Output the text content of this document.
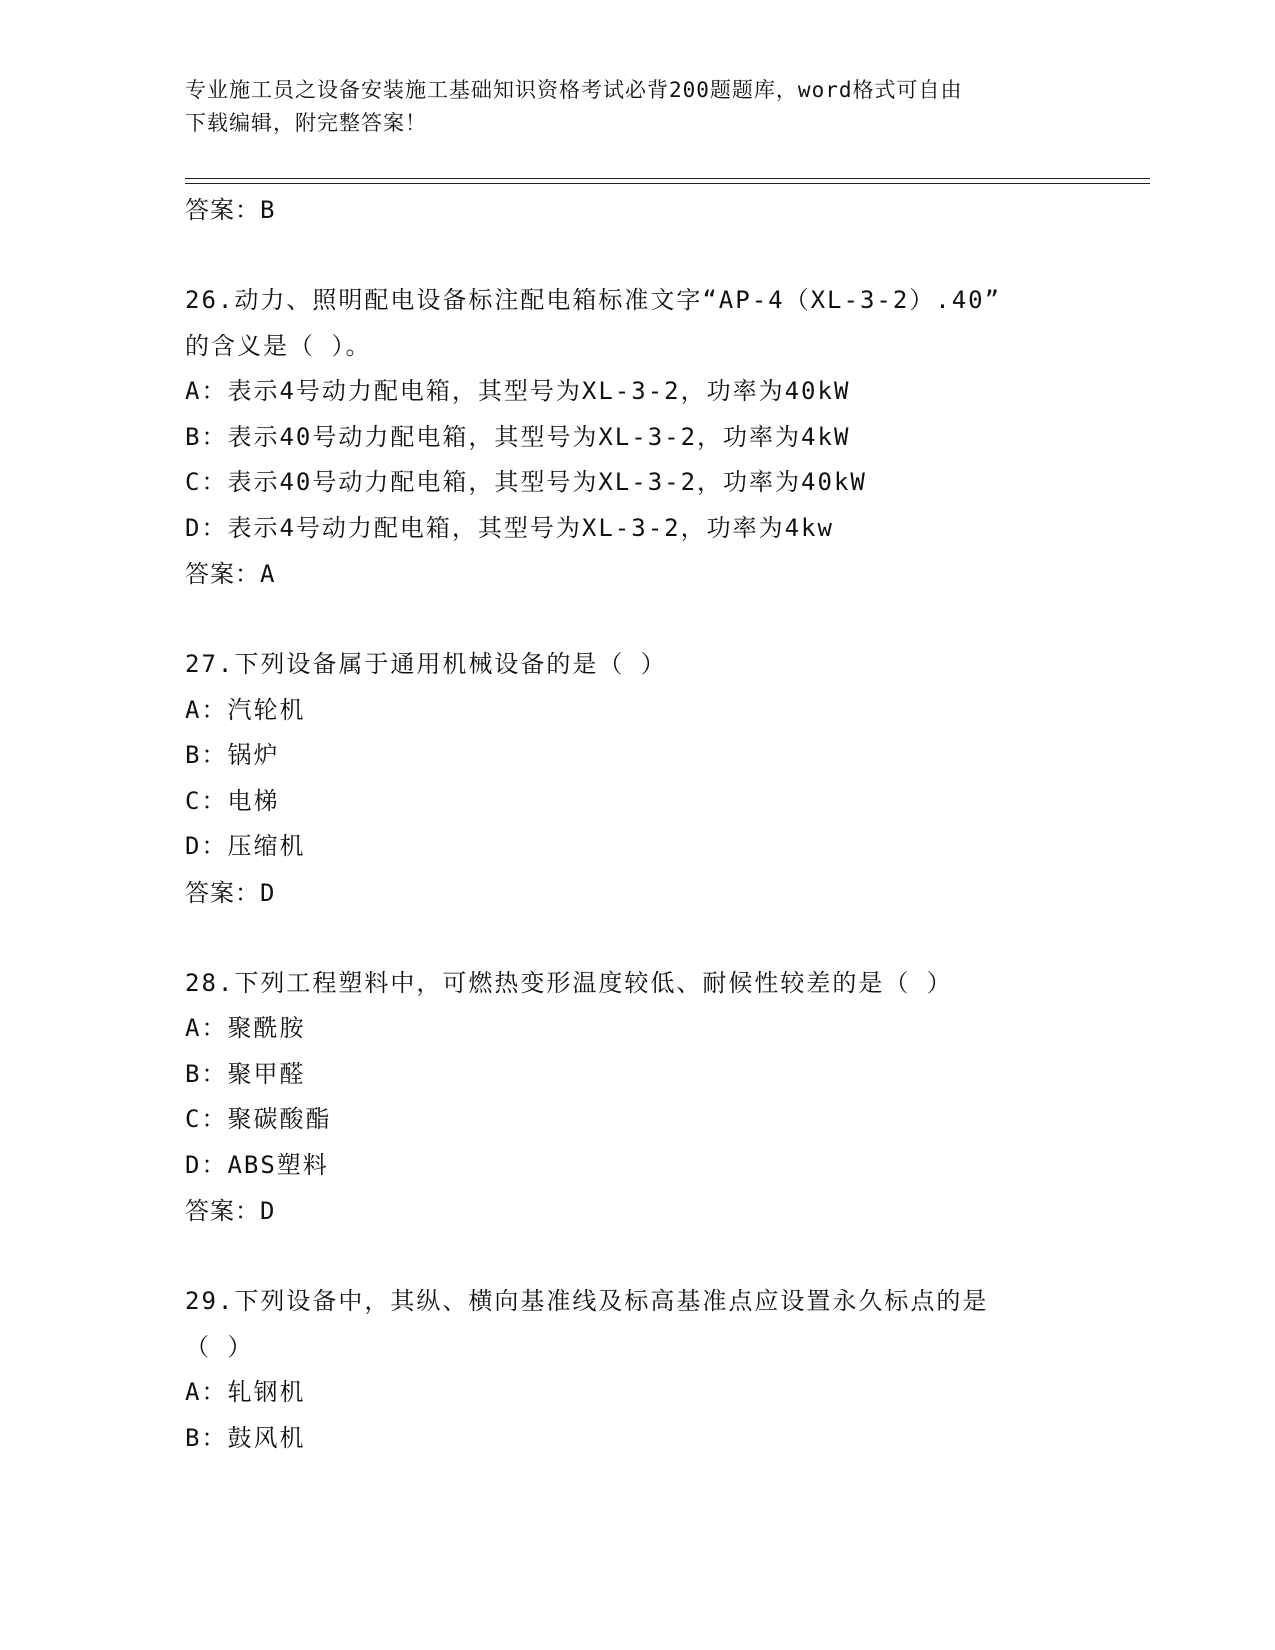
专业施工员之设备安装施工基础知识资格考试必背200题题库，word格式可自由
下载编辑，附完整答案！
答案：B
26.动力、照明配电设备标注配电箱标准文字“AP-4（XL-3-2）.40”
的含义是（ ）。
A：表示4号动力配电箱，其型号为XL-3-2，功率为40kW
B：表示40号动力配电箱，其型号为XL-3-2，功率为4kW
C：表示40号动力配电箱，其型号为XL-3-2，功率为40kW
D：表示4号动力配电箱，其型号为XL-3-2，功率为4kw
答案：A
27.下列设备属于通用机械设备的是（ ）
A：汽轮机
B：锅炉
C：电梯
D：压缩机
答案：D
28.下列工程塑料中，可燃热变形温度较低、耐候性较差的是（ ）
A：聚酰胺
B：聚甲醛
C：聚碳酸酯
D：ABS塑料
答案：D
29.下列设备中，其纵、横向基准线及标高基准点应设置永久标点的是
（ ）
A：轧钢机
B：鼓风机
